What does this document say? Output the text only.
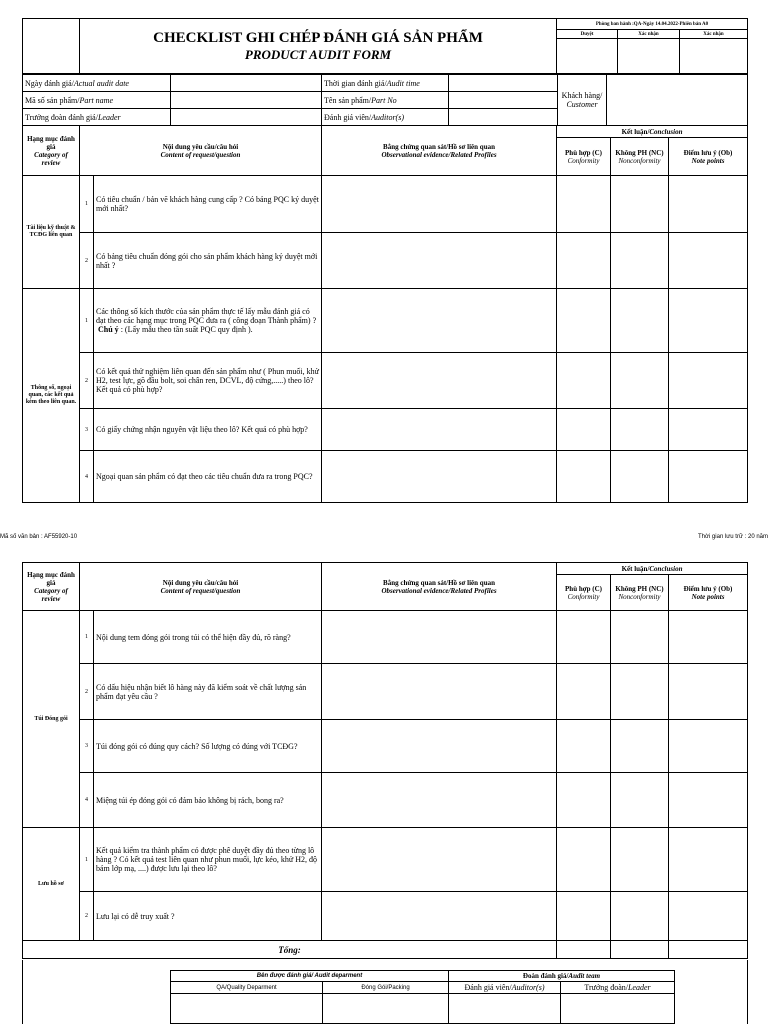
	CHECKLIST GHI CHÉP ĐÁNH GIÁ SẢN PHẨM
PRODUCT AUDIT FORM	Phòng ban hành :QA-Ngày 14.04.2022-Phiên bản A0		
		Duyệt	Xác nhận	Xác nhận

Ngày đánh giá/Actual audit date		Thời gian đánh giá/Audit time		Khách hàng/
Customer	
Mã số sản phẩm/Part name		Tên sản phẩm/Part No			
Trưởng đoàn đánh giá/Leader		Đánh giá viên/Auditor(s)			
Hạng mục đánh giá
Category of review	Nội dung yêu cầu/câu hỏi
Content of request/question		Bằng chứng quan sát/Hồ sơ liên quan
Observational evidence/Related Profiles	Kết luận/Conclusion		
				Phù hợp (C)
Conformity	Không PH (NC)
Nonconformity	Điểm lưu ý (Ob)
Note points
Tài liệu kỹ thuật & TCĐG liên quan	1	Có tiêu chuẩn / bản vẽ khách hàng cung cấp ? Có bảng PQC ký duyệt mới nhất?				
	2	Có bảng tiêu chuẩn đóng gói cho sản phẩm khách hàng ký duyệt mới nhất ?				
Thông số, ngoại quan, các kết quả kèm theo liên quan.	1	Các thông số kích thước của sản phẩm thực tế lấy mẫu đánh giá có đạt theo các hạng mục trong PQC đưa ra ( công đoạn Thành phẩm) ?
Chú ý : (Lấy mẫu theo tần suất PQC quy định ).				
	2	Có kết quả thử nghiệm liên quan đến sản phẩm như ( Phun muối, khử H2, test lực, gõ đầu bolt, soi chân ren, DCVL, độ cứng,.....) theo lô? Kết quả có phù hợp?				
	3	Có giấy chứng nhận nguyên vật liệu theo lô? Kết quả có phù hợp?				
	4	Ngoại quan sản phẩm có đạt theo các tiêu chuẩn đưa ra trong PQC?				
Mã số văn bản : AF55920-10	Thời gian lưu trữ : 20 năm
Hạng mục đánh giá
Category of review	Nội dung yêu cầu/câu hỏi
Content of request/question		Bằng chứng quan sát/Hồ sơ liên quan
Observational evidence/Related Profiles	Kết luận/Conclusion		
				Phù hợp (C)
Conformity	Không PH (NC)
Nonconformity	Điểm lưu ý (Ob)
Note points
Túi Đóng gói	1	Nội dung tem đóng gói trong túi có thể hiện đầy đủ, rõ ràng?				
	2	Có dấu hiệu nhận biết lô hàng này đã kiểm soát về chất lượng sản phẩm đạt yêu cầu ?				
	3	Túi đóng gói có đúng quy cách? Số lượng có đúng với TCĐG?				
	4	Miệng túi ép đóng gói có đảm bảo không bị rách, bong ra?				
Lưu hồ sơ	1	Kết quả kiểm tra thành phẩm có được phê duyệt đầy đủ theo từng lô hàng ? Có kết quả test liên quan như phun muối, lực kéo, khử H2, độ bám lớp mạ, ....) được lưu lại theo lô?				
	2	Lưu lại có dễ truy xuất ?				
Tổng:						
Bên được đánh giá/ Audit deparment		Đoàn đánh giá/Audit team	
QA/Quality Deparment	Đóng Gói/Packing	Đánh giá viên/Auditor(s)	Trưởng đoàn/Leader
